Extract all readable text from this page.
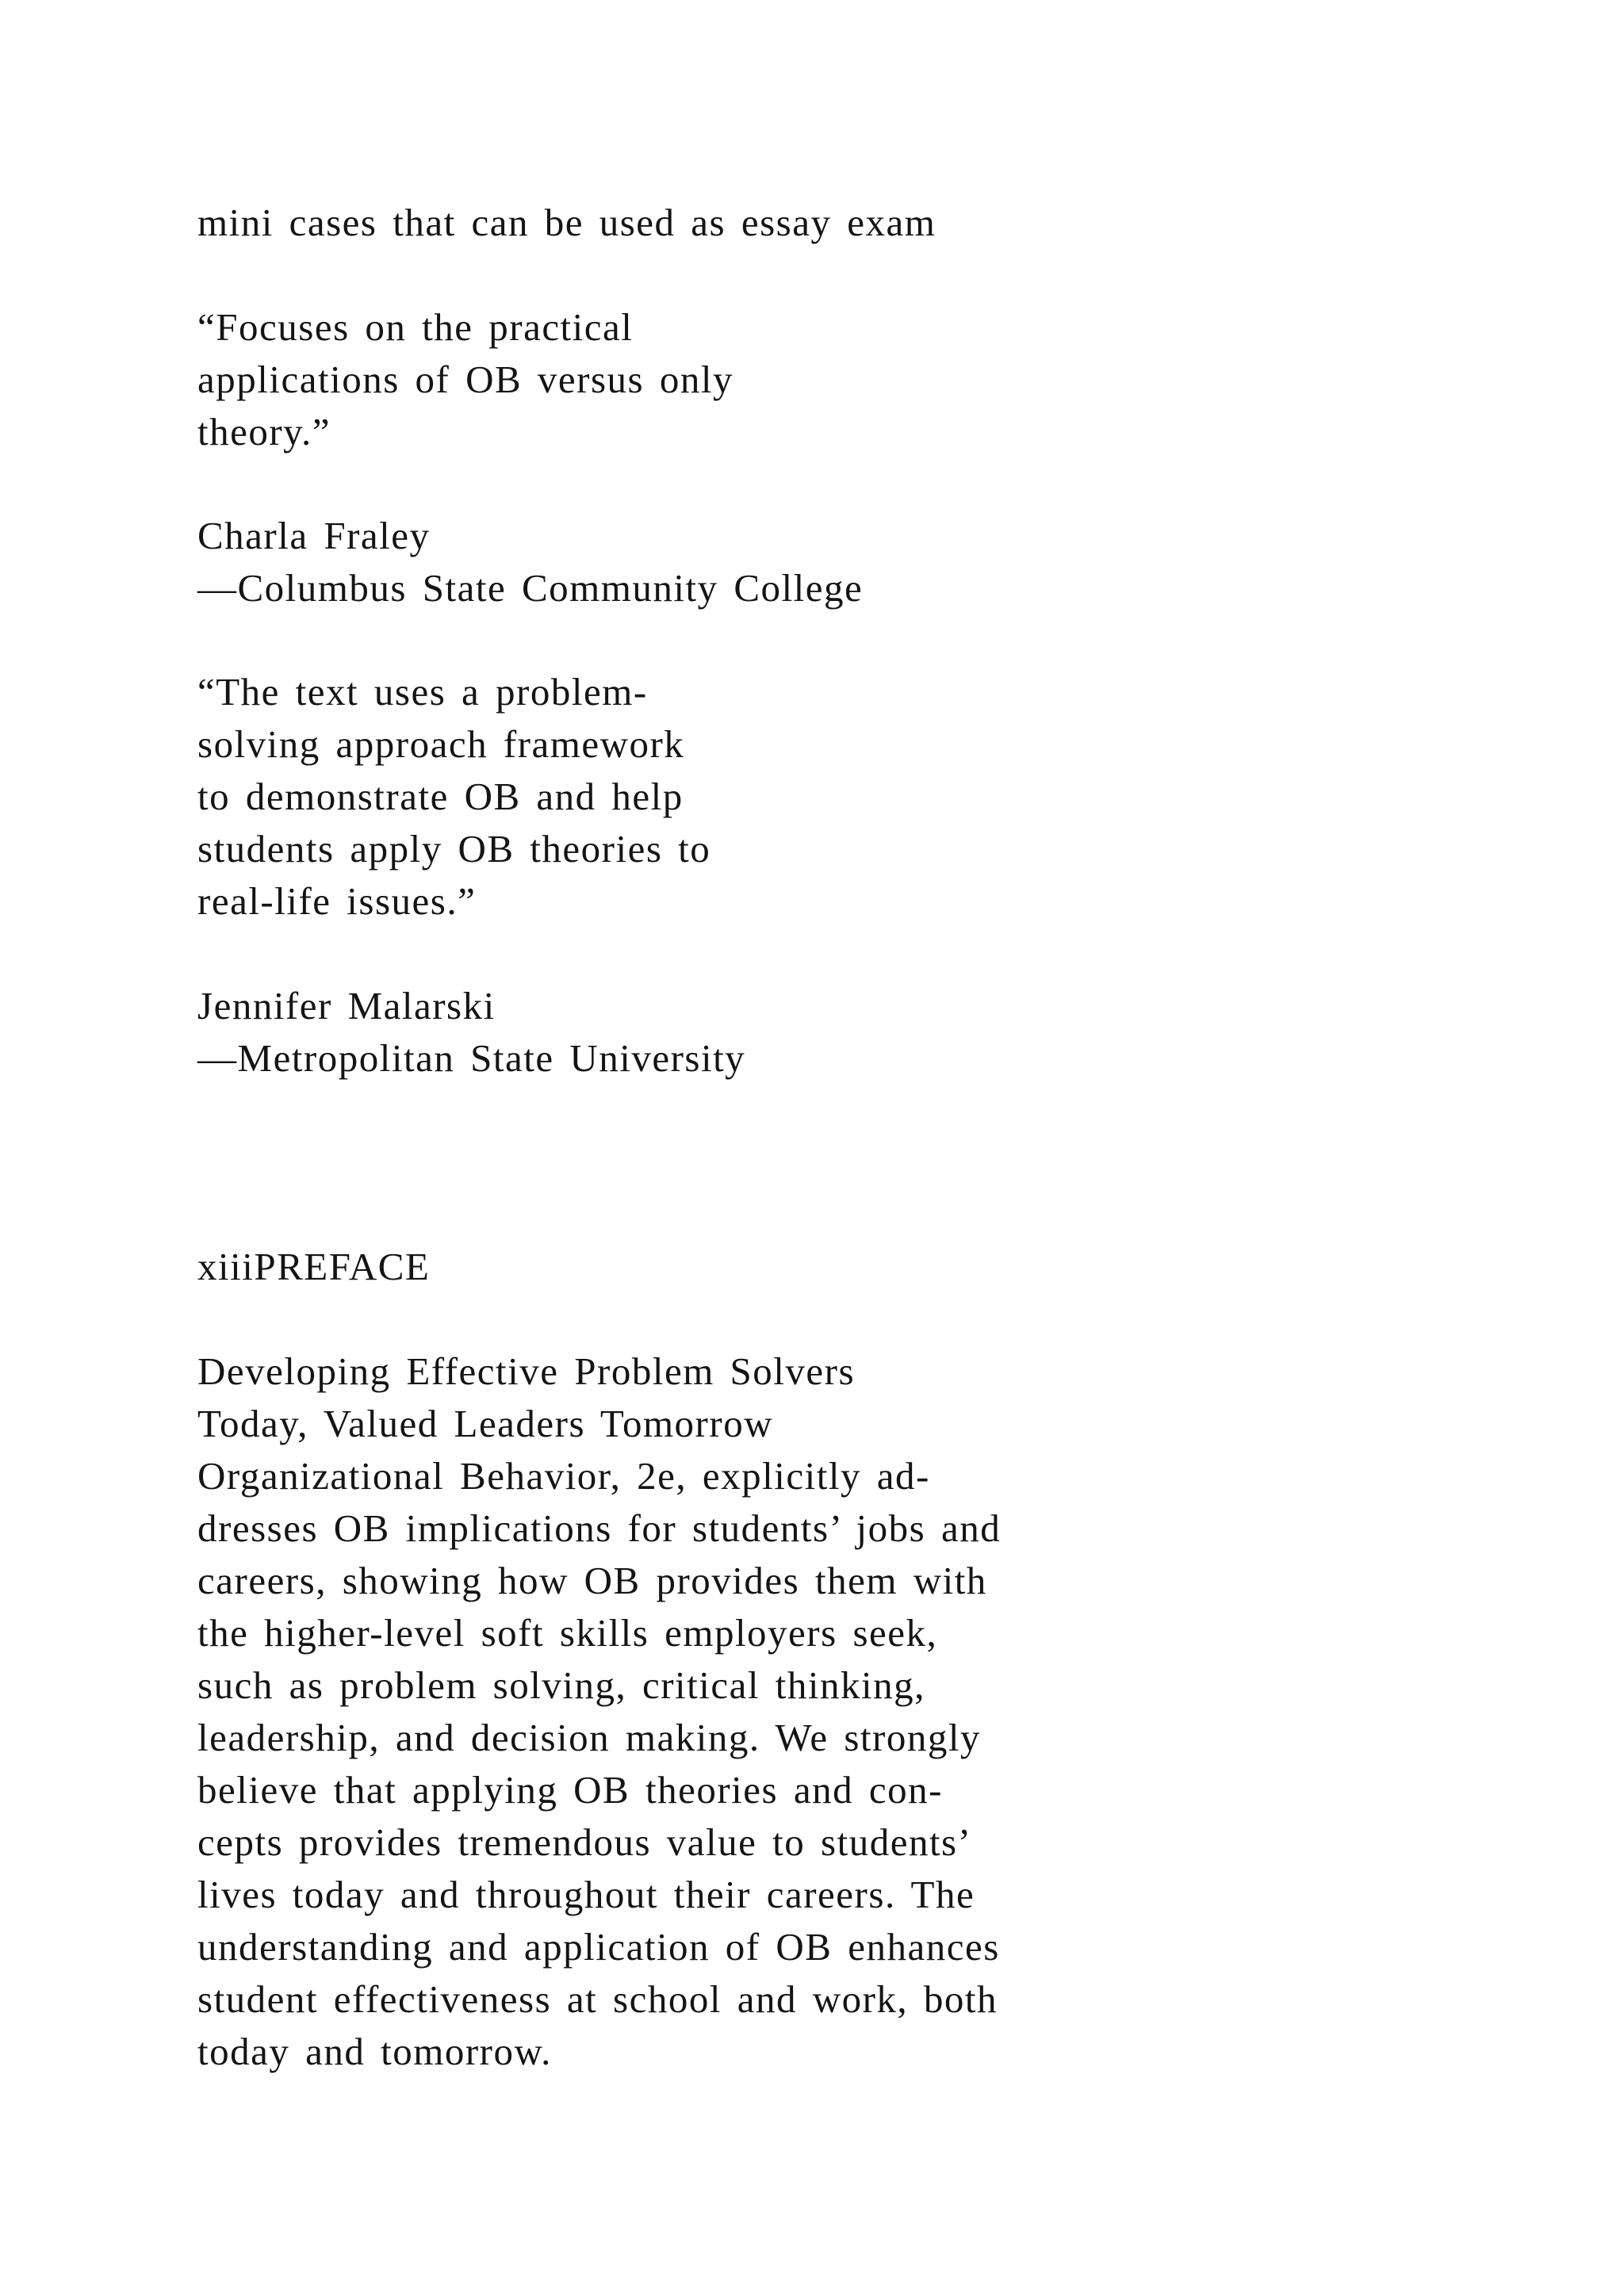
mini cases that can be used as essay exam

“Focuses on the practical
applications of OB versus only
theory.”

Charla Fraley
—Columbus State Community College

“The text uses a problem-
solving approach framework
to demonstrate OB and help
students apply OB theories to
real-life issues.”

Jennifer Malarski
—Metropolitan State University

xiiiPREFACE

Developing Effective Problem Solvers
Today, Valued Leaders Tomorrow
Organizational Behavior, 2e, explicitly ad-
dresses OB implications for students’ jobs and
careers, showing how OB provides them with
the higher-level soft skills employers seek,
such as problem solving, critical thinking,
leadership, and decision making. We strongly
believe that applying OB theories and con-
cepts provides tremendous value to students’
lives today and throughout their careers. The
understanding and application of OB enhances
student effectiveness at school and work, both
today and tomorrow.
